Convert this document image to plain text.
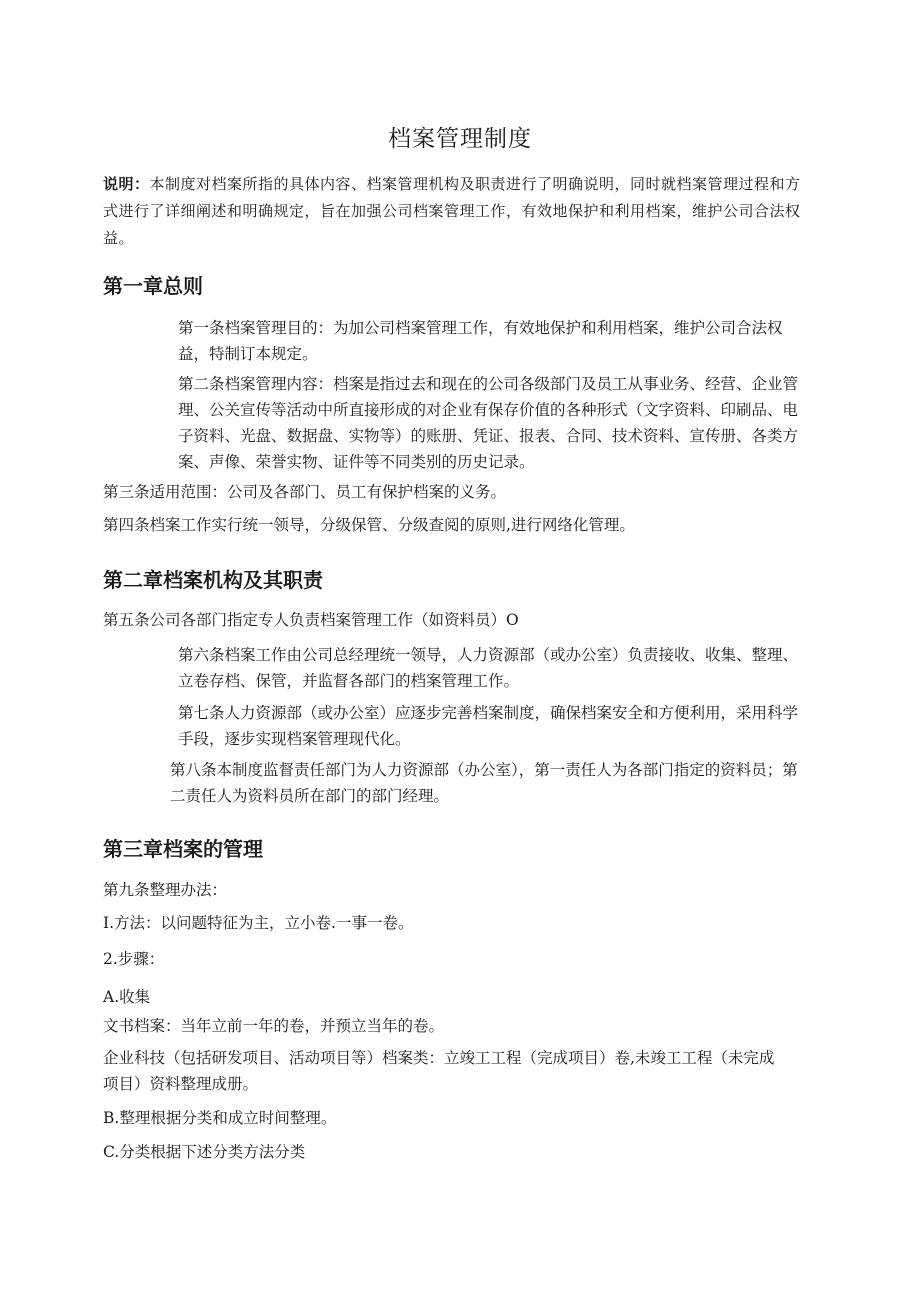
档案管理制度
说明：本制度对档案所指的具体内容、档案管理机构及职责进行了明确说明，同时就档案管理过程和方式进行了详细阐述和明确规定，旨在加强公司档案管理工作，有效地保护和利用档案，维护公司合法权益。
第一章总则

第一条档案管理目的：为加公司档案管理工作，有效地保护和利用档案，维护公司合法权益，特制订本规定。

第二条档案管理内容：档案是指过去和现在的公司各级部门及员工从事业务、经营、企业管理、公关宣传等活动中所直接形成的对企业有保存价值的各种形式（文字资料、印刷品、电子资料、光盘、数据盘、实物等）的账册、凭证、报表、合同、技术资料、宣传册、各类方案、声像、荣誉实物、证件等不同类别的历史记录。

第三条适用范围：公司及各部门、员工有保护档案的义务。

第四条档案工作实行统一领导，分级保管、分级查阅的原则,进行网络化管理。

第二章档案机构及其职责

第五条公司各部门指定专人负责档案管理工作（如资料员）O

第六条档案工作由公司总经理统一领导，人力资源部（或办公室）负责接收、收集、整理、立卷存档、保管，并监督各部门的档案管理工作。

第七条人力资源部（或办公室）应逐步完善档案制度，确保档案安全和方便利用，采用科学手段，逐步实现档案管理现代化。

第八条本制度监督责任部门为人力资源部（办公室），第一责任人为各部门指定的资料员；第二责任人为资料员所在部门的部门经理。

第三章档案的管理

第九条整理办法：

I.方法：以问题特征为主，立小卷.一事一卷。

2.步骤：

A.收集

文书档案：当年立前一年的卷，并预立当年的卷。

企业科技（包括研发项目、活动项目等）档案类：立竣工工程（完成项目）卷,未竣工工程（未完成项目）资料整理成册。

B.整理根据分类和成立时间整理。

C.分类根据下述分类方法分类
